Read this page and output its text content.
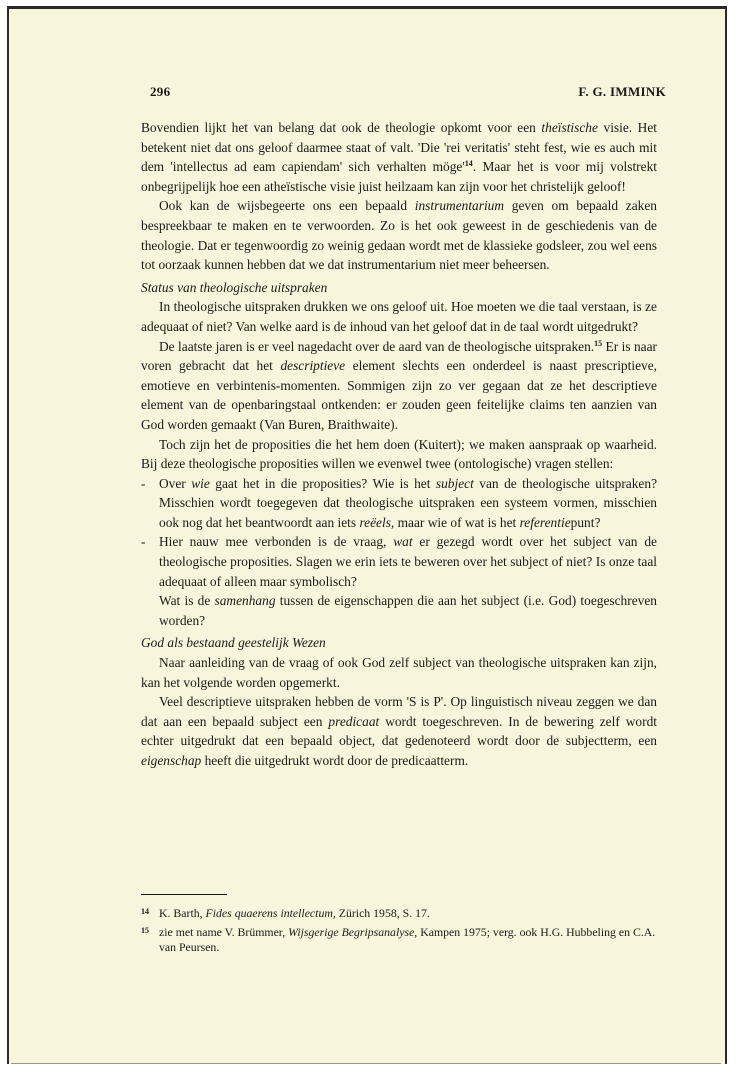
296	F. G. IMMINK

Bovendien lijkt het van belang dat ook de theologie opkomt voor een theïstische visie. Het betekent niet dat ons geloof daarmee staat of valt. 'Die 'rei veritatis' steht fest, wie es auch mit dem 'intellectus ad eam capiendam' sich verhalten $möge'^{14}$. Maar het is voor mij volstrekt onbegrijpelijk hoe een atheïstische visie juist heilzaam kan zijn voor het christelijk geloof!

Ook kan de wijsbegeerte ons een bepaald instrumentarium geven om bepaald zaken bespreekbaar te maken en te verwoorden. Zo is het ook geweest in de geschiedenis van de theologie. Dat er tegenwoordig zo weinig gedaan wordt met de klassieke godsleer, zou wel eens tot oorzaak kunnen hebben dat we dat instrumentarium niet meer beheersen.

Status van theologische uitspraken

In theologische uitspraken drukken we ons geloof uit. Hoe moeten we die taal verstaan, is ze adequaat of niet? Van welke aard is de inhoud van het geloof dat in de taal wordt uitgedrukt?

De laatste jaren is er veel nagedacht over de aard van de theologische uitspraken.$^{15}$ Er is naar voren gebracht dat het descriptieve element slechts een onderdeel is naast prescriptieve, emotieve en verbintenis-momenten. Sommigen zijn zo ver gegaan dat ze het descriptieve element van de openbaringstaal ontkenden: er zouden geen feitelijke claims ten aanzien van God worden gemaakt (Van Buren, Braithwaite).

Toch zijn het de proposities die het hem doen (Kuitert); we maken aanspraak op waarheid. Bij deze theologische proposities willen we evenwel twee (ontologische) vragen stellen:

- Over wie gaat het in die proposities? Wie is het subject van de theologische uitspraken? Misschien wordt toegegeven dat theologische uitspraken een systeem vormen, misschien ook nog dat het beantwoordt aan iets reëels, maar wie of wat is het referentiepunt?
- Hier nauw mee verbonden is de vraag, wat er gezegd wordt over het subject van de theologische proposities. Slagen we erin iets te beweren over het subject of niet? Is onze taal adequaat of alleen maar symbolisch?
Wat is de samenhang tussen de eigenschappen die aan het subject (i.e. God) toegeschreven worden?

God als bestaand geestelijk Wezen

Naar aanleiding van de vraag of ook God zelf subject van theologische uitspraken kan zijn, kan het volgende worden opgemerkt.

Veel descriptieve uitspraken hebben de vorm 'S is P'. Op linguistisch niveau zeggen we dan dat aan een bepaald subject een predicaat wordt toegeschreven. In de bewering zelf wordt echter uitgedrukt dat een bepaald object, dat gedenoteerd wordt door de subjectterm, een eigenschap heeft die uitgedrukt wordt door de predicaatterm.

14 K. Barth, Fides quaerens intellectum, Zürich 1958, S. 17.
15 zie met name V. Brümmer, Wijsgerige Begripsanalyse, Kampen 1975; verg. ook H.G. Hubbeling en C.A. van Peursen.
